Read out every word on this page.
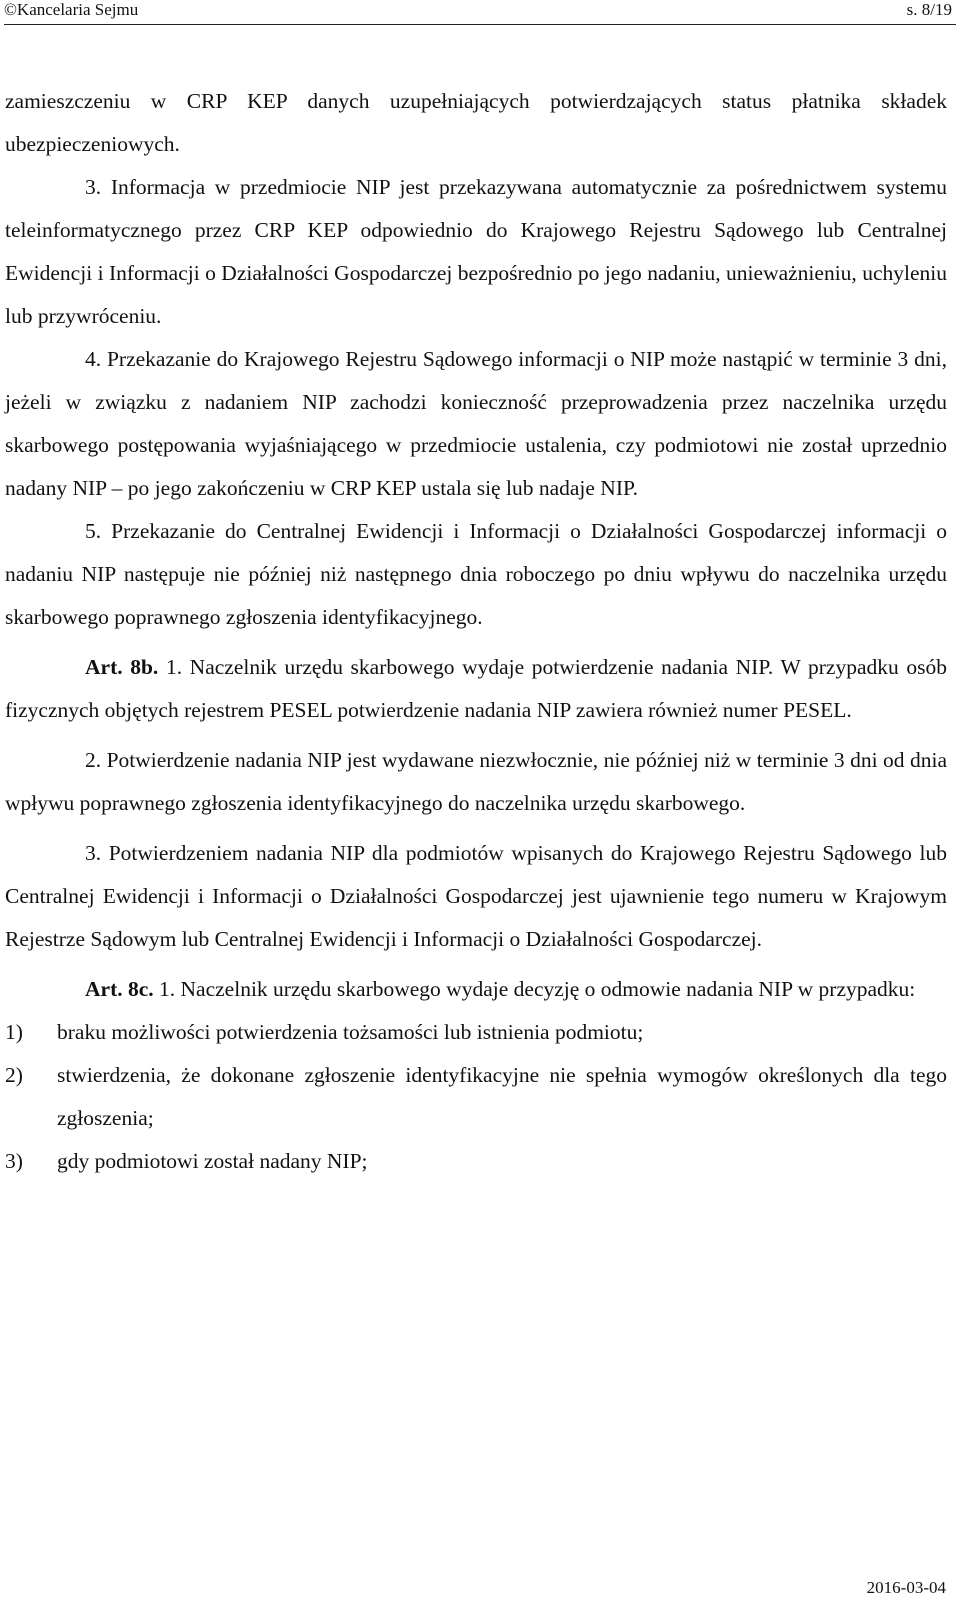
©Kancelaria Sejmu	s. 8/19

zamieszczeniu w CRP KEP danych uzupełniających potwierdzających status płatnika składek ubezpieczeniowych.

3. Informacja w przedmiocie NIP jest przekazywana automatycznie za pośrednictwem systemu teleinformatycznego przez CRP KEP odpowiednio do Krajowego Rejestru Sądowego lub Centralnej Ewidencji i Informacji o Działalności Gospodarczej bezpośrednio po jego nadaniu, unieważnieniu, uchyleniu lub przywróceniu.

4. Przekazanie do Krajowego Rejestru Sądowego informacji o NIP może nastąpić w terminie 3 dni, jeżeli w związku z nadaniem NIP zachodzi konieczność przeprowadzenia przez naczelnika urzędu skarbowego postępowania wyjaśniającego w przedmiocie ustalenia, czy podmiotowi nie został uprzednio nadany NIP – po jego zakończeniu w CRP KEP ustala się lub nadaje NIP.

5. Przekazanie do Centralnej Ewidencji i Informacji o Działalności Gospodarczej informacji o nadaniu NIP następuje nie później niż następnego dnia roboczego po dniu wpływu do naczelnika urzędu skarbowego poprawnego zgłoszenia identyfikacyjnego.

Art. 8b. 1. Naczelnik urzędu skarbowego wydaje potwierdzenie nadania NIP. W przypadku osób fizycznych objętych rejestrem PESEL potwierdzenie nadania NIP zawiera również numer PESEL.

2. Potwierdzenie nadania NIP jest wydawane niezwłocznie, nie później niż w terminie 3 dni od dnia wpływu poprawnego zgłoszenia identyfikacyjnego do naczelnika urzędu skarbowego.

3. Potwierdzeniem nadania NIP dla podmiotów wpisanych do Krajowego Rejestru Sądowego lub Centralnej Ewidencji i Informacji o Działalności Gospodarczej jest ujawnienie tego numeru w Krajowym Rejestrze Sądowym lub Centralnej Ewidencji i Informacji o Działalności Gospodarczej.

Art. 8c. 1. Naczelnik urzędu skarbowego wydaje decyzję o odmowie nadania NIP w przypadku:

1) braku możliwości potwierdzenia tożsamości lub istnienia podmiotu;

2) stwierdzenia, że dokonane zgłoszenie identyfikacyjne nie spełnia wymogów określonych dla tego zgłoszenia;

3) gdy podmiotowi został nadany NIP;

2016-03-04
